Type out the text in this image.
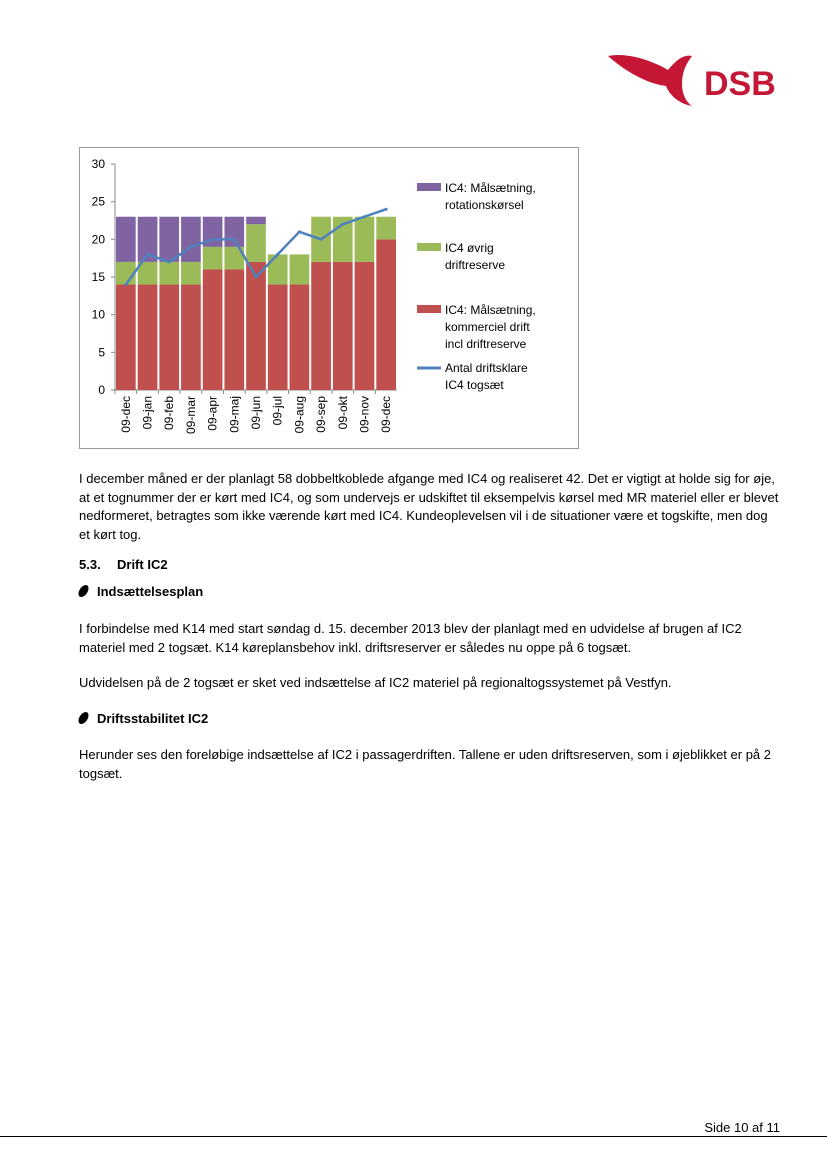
DSB
0
5
10
15
20
25
30
09-dec 09-jan 09-feb 09-mar 09-apr 09-maj 09-jun 09-jul 09-aug 09-sep 09-okt 09-nov 09-dec
IC4: Målsætning, rotationskørsel
IC4 øvrig driftreserve
IC4: Målsætning, kommerciel drift incl driftreserve
Antal driftsklare IC4 togsæt
I december måned er der planlagt 58 dobbeltkoblede afgange med IC4 og realiseret 42. Det er vigtigt at holde sig for øje, at et tognummer der er kørt med IC4, og som undervejs er udskiftet til eksempelvis kørsel med MR materiel eller er blevet nedformeret, betragtes som ikke værende kørt med IC4. Kundeoplevelsen vil i de situationer være et togskifte, men dog et kørt tog.
5.3. Drift IC2
Indsættelsesplan
I forbindelse med K14 med start søndag d. 15. december 2013 blev der planlagt med en udvidelse af brugen af IC2 materiel med 2 togsæt. K14 køreplansbehov inkl. driftsreserver er således nu oppe på 6 togsæt.
Udvidelsen på de 2 togsæt er sket ved indsættelse af IC2 materiel på regionaltogssystemet på Vestfyn.
Driftsstabilitet IC2
Herunder ses den foreløbige indsættelse af IC2 i passagerdriften. Tallene er uden driftsreserven, som i øjeblikket er på 2 togsæt.
Side 10 af 11
